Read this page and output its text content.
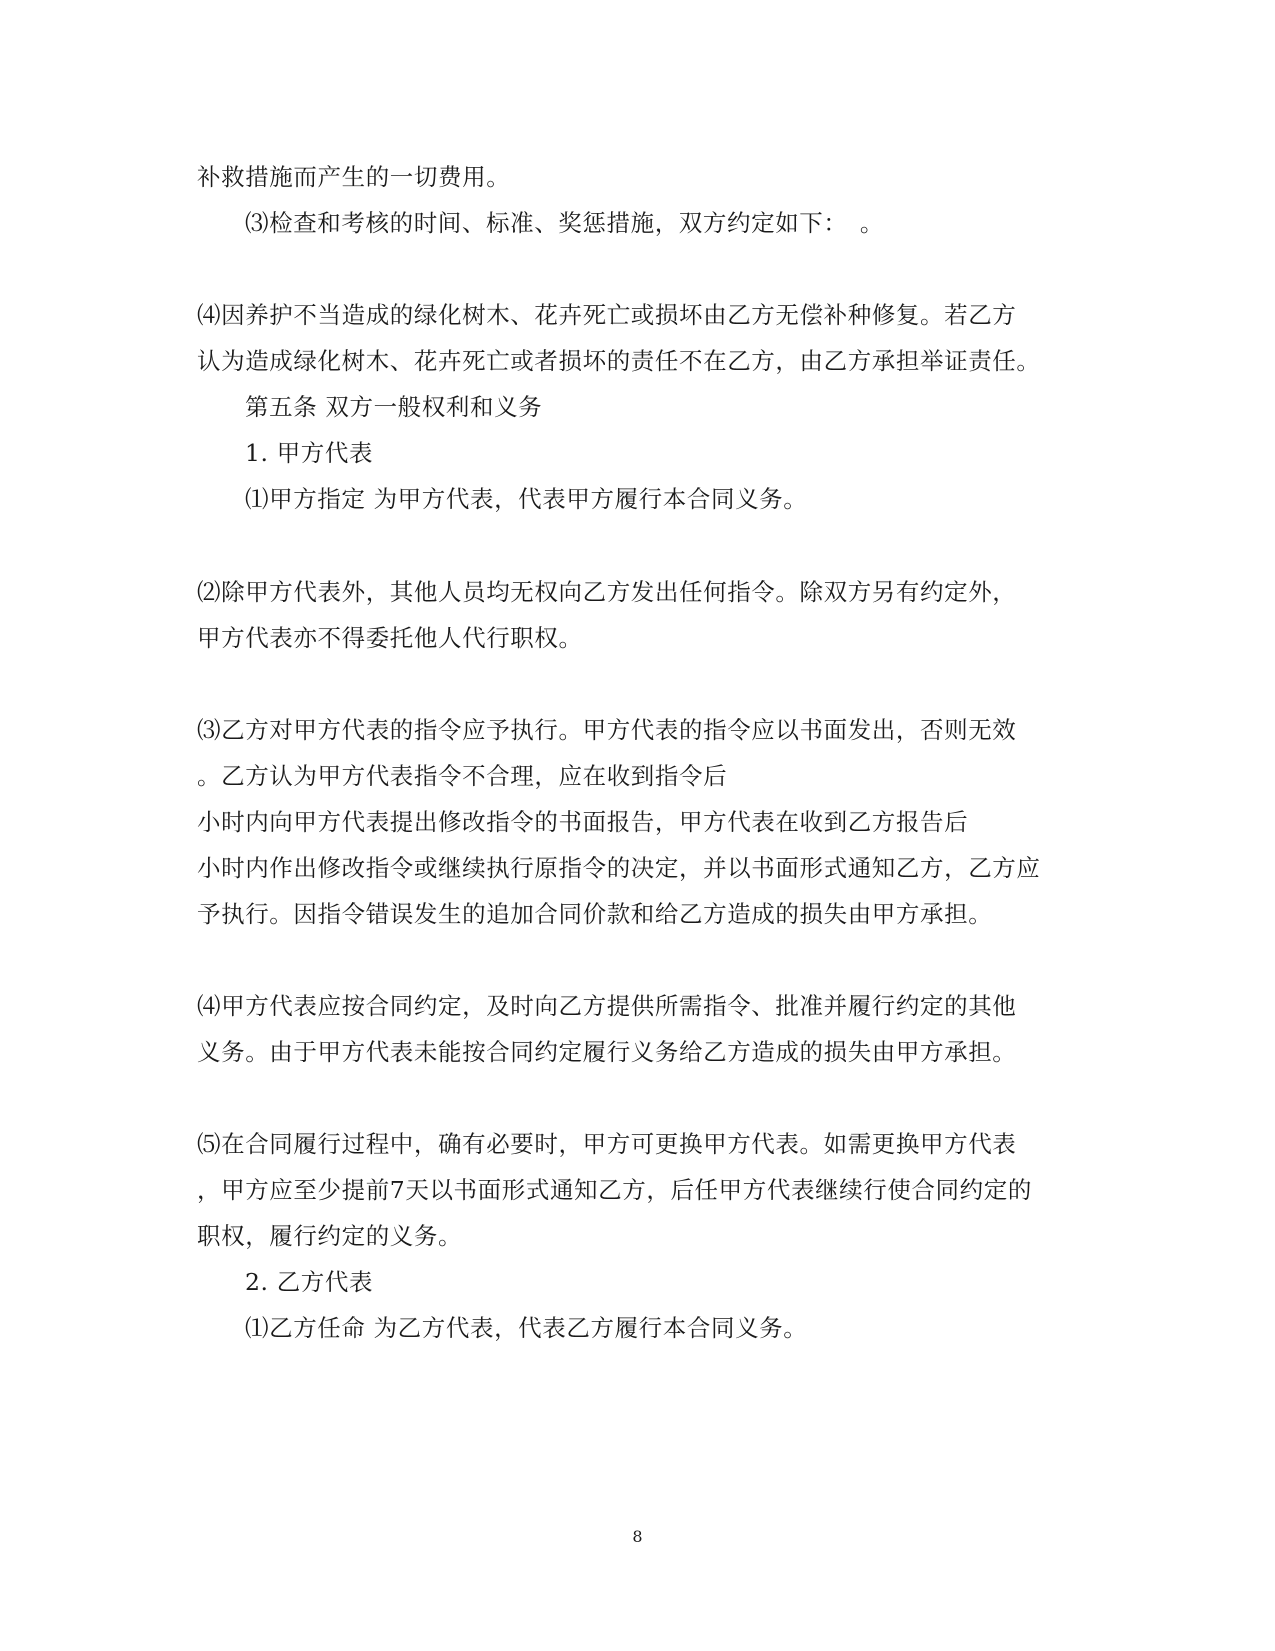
补救措施而产生的一切费用。
⑶检查和考核的时间、标准、奖惩措施，双方约定如下：　。
⑷因养护不当造成的绿化树木、花卉死亡或损坏由乙方无偿补种修复。若乙方
认为造成绿化树木、花卉死亡或者损坏的责任不在乙方，由乙方承担举证责任。
第五条 双方一般权利和义务
1. 甲方代表
⑴甲方指定 为甲方代表，代表甲方履行本合同义务。
⑵除甲方代表外，其他人员均无权向乙方发出任何指令。除双方另有约定外，
甲方代表亦不得委托他人代行职权。
⑶乙方对甲方代表的指令应予执行。甲方代表的指令应以书面发出，否则无效
。乙方认为甲方代表指令不合理，应在收到指令后
小时内向甲方代表提出修改指令的书面报告，甲方代表在收到乙方报告后
小时内作出修改指令或继续执行原指令的决定，并以书面形式通知乙方，乙方应
予执行。因指令错误发生的追加合同价款和给乙方造成的损失由甲方承担。
⑷甲方代表应按合同约定，及时向乙方提供所需指令、批准并履行约定的其他
义务。由于甲方代表未能按合同约定履行义务给乙方造成的损失由甲方承担。
⑸在合同履行过程中，确有必要时，甲方可更换甲方代表。如需更换甲方代表
，甲方应至少提前7天以书面形式通知乙方，后任甲方代表继续行使合同约定的
职权，履行约定的义务。
2. 乙方代表
⑴乙方任命 为乙方代表，代表乙方履行本合同义务。
8
